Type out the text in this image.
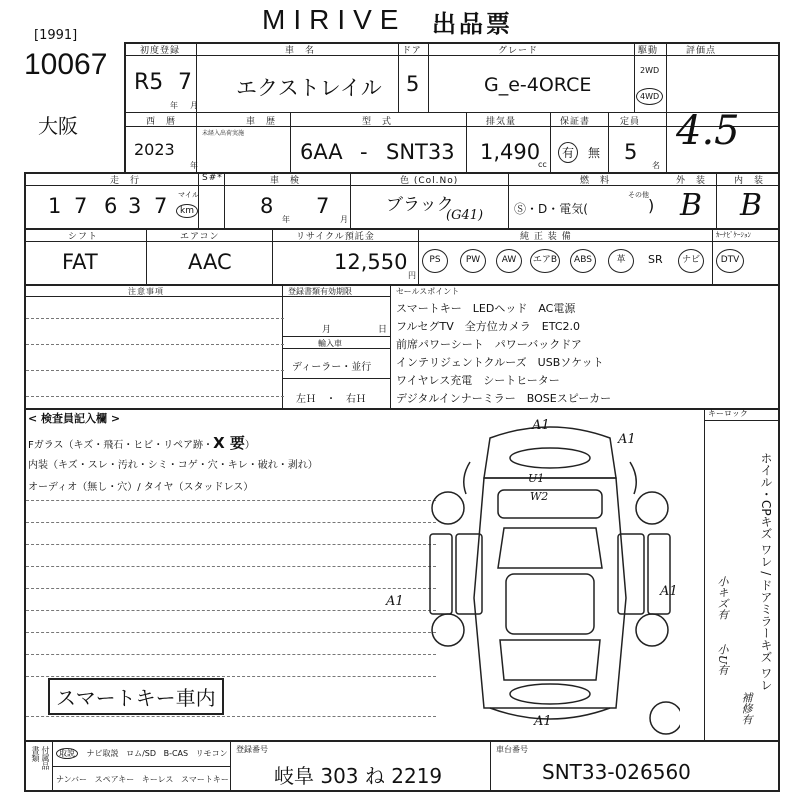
MIRIVE 出品票
[1991]
10067
大阪
初度登録
R5 7
年 月
車　名
エクストレイル
ドア
5
グレード
G_e-4ORCE
駆動
2WD
4WD
評価点
4.5
西　暦
2023
年
車　歴
未経入出荷実施
型　式
6AA - SNT33
排気量
1,490
cc
保証書
有	無
定員
5
名
走　行	S#*
1 7 6 3 7 マイル
km
車　検
8
年
7
月
色 (Col.No)
ブラック
(G41)
燃　料
Ⓢ・D・電気(
その他
)
外　装
B
内　装
B
シフト
FAT
エアコン
AAC
リサイクル預託金
12,550
円
純 正 装 備	ｶｰﾅﾋﾞｹｰｼｮﾝ
PS	PW	AW	エアB	ABS	革	SR	ナビ	DTV
注意事項	登録書類有効期限
月	日
輸入車
ディーラー・並行
左Ｈ　・　右Ｈ
セールスポイント
スマートキー　LEDヘッド　AC電源
フルセグTV　全方位カメラ　ETC2.0
前席パワーシート　パワーバックドア
インテリジェントクルーズ　USBソケット
ワイヤレス充電　シートヒーター
デジタルインナーミラー　BOSEスピーカー
< 検査員記入欄 >
Fガラス（キズ・飛石・ヒビ・リペア跡・X 要）
内装（キズ・スレ・汚れ・シミ・コゲ・穴・キレ・破れ・剥れ）
オーディオ（無し・穴）/ タイヤ（スタッドレス）
スマートキー車内
キーロック
ホイル・CPキズ ワレ / ドアミラーキズ ワレ
小キズ有
小U有
補修有
A1
A1
U1
W2
A1
A1
A1
書類 付属品	取説 ナビ取説 ロム/SD B-CAS リモコン
ナンバー スペアキー キーレス スマートキー
登録番号
岐阜 303 ね 2219
車台番号
SNT33-026560
